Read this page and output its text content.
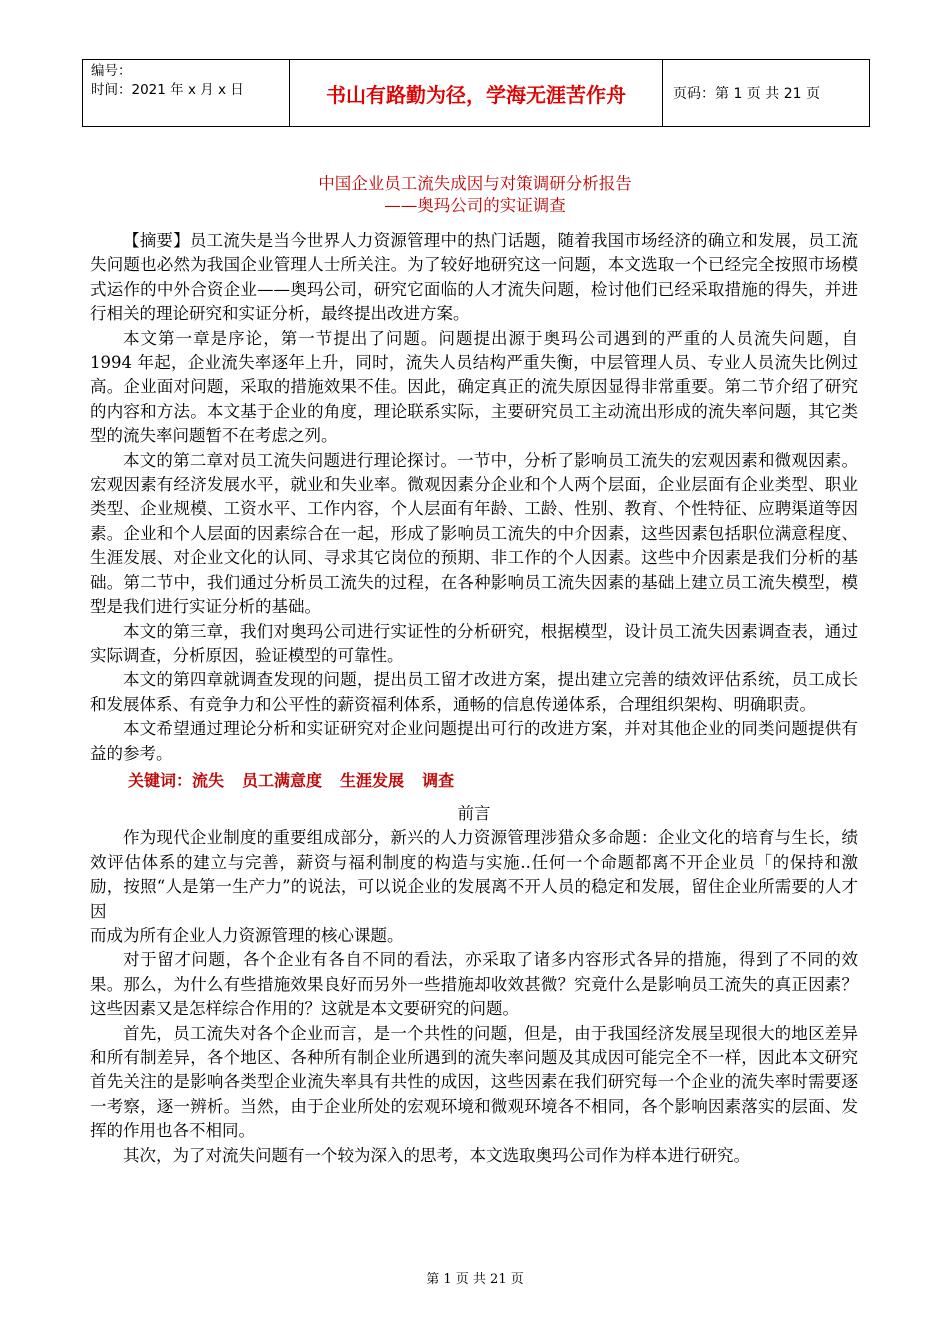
编号：
时间：2021 年 x 月 x 日	书山有路勤为径，学海无涯苦作舟	页码：第 1 页 共 21 页
中国企业员工流失成因与对策调研分析报告
——奥玛公司的实证调查

【摘要】员工流失是当今世界人力资源管理中的热门话题，随着我国市场经济的确立和发展，员工流失问题也必然为我国企业管理人士所关注。为了较好地研究这一问题，本文选取一个已经完全按照市场模式运作的中外合资企业——奥玛公司，研究它面临的人才流失问题，检讨他们已经采取措施的得失，并进行相关的理论研究和实证分析，最终提出改进方案。

本文第一章是序论，第一节提出了问题。问题提出源于奥玛公司遇到的严重的人员流失问题，自 1994 年起，企业流失率逐年上升，同时，流失人员结构严重失衡，中层管理人员、专业人员流失比例过高。企业面对问题，采取的措施效果不佳。因此，确定真正的流失原因显得非常重要。第二节介绍了研究的内容和方法。本文基于企业的角度，理论联系实际，主要研究员工主动流出形成的流失率问题，其它类型的流失率问题暂不在考虑之列。

本文的第二章对员工流失问题进行理论探讨。一节中，分析了影响员工流失的宏观因素和微观因素。宏观因素有经济发展水平，就业和失业率。微观因素分企业和个人两个层面，企业层面有企业类型、职业类型、企业规模、工资水平、工作内容，个人层面有年龄、工龄、性别、教育、个性特征、应聘渠道等因素。企业和个人层面的因素综合在一起，形成了影响员工流失的中介因素，这些因素包括职位满意程度、生涯发展、对企业文化的认同、寻求其它岗位的预期、非工作的个人因素。这些中介因素是我们分析的基础。第二节中，我们通过分析员工流失的过程，在各种影响员工流失因素的基础上建立员工流失模型，模型是我们进行实证分析的基础。

本文的第三章，我们对奥玛公司进行实证性的分析研究，根据模型，设计员工流失因素调查表，通过实际调查，分析原因，验证模型的可靠性。

本文的第四章就调查发现的问题，提出员工留才改进方案，提出建立完善的绩效评估系统，员工成长和发展体系、有竞争力和公平性的薪资福利体系，通畅的信息传递体系，合理组织架构、明确职责。

本文希望通过理论分析和实证研究对企业问题提出可行的改进方案，并对其他企业的同类问题提供有益的参考。

关键词：流失 员工满意度 生涯发展 调查

前言

作为现代企业制度的重要组成部分，新兴的人力资源管理涉猎众多命题：企业文化的培育与生长，绩效评估体系的建立与完善，薪资与福利制度的构造与实施..任何一个命题都离不开企业员「的保持和激励，按照“人是第一生产力”的说法，可以说企业的发展离不开人员的稳定和发展，留住企业所需要的人才因

而成为所有企业人力资源管理的核心课题。

对于留才问题，各个企业有各自不同的看法，亦采取了诸多内容形式各异的措施，得到了不同的效果。那么，为什么有些措施效果良好而另外一些措施却收效甚微？究竟什么是影响员工流失的真正因素？这些因素又是怎样综合作用的？这就是本文要研究的问题。

首先，员工流失对各个企业而言，是一个共性的问题，但是，由于我国经济发展呈现很大的地区差异和所有制差异，各个地区、各种所有制企业所遇到的流失率问题及其成因可能完全不一样，因此本文研究首先关注的是影响各类型企业流失率具有共性的成因，这些因素在我们研究每一个企业的流失率时需要逐一考察，逐一辨析。当然，由于企业所处的宏观环境和微观环境各不相同，各个影响因素落实的层面、发挥的作用也各不相同。

其次，为了对流失问题有一个较为深入的思考，本文选取奥玛公司作为样本进行研究。

第 1 页 共 21 页
